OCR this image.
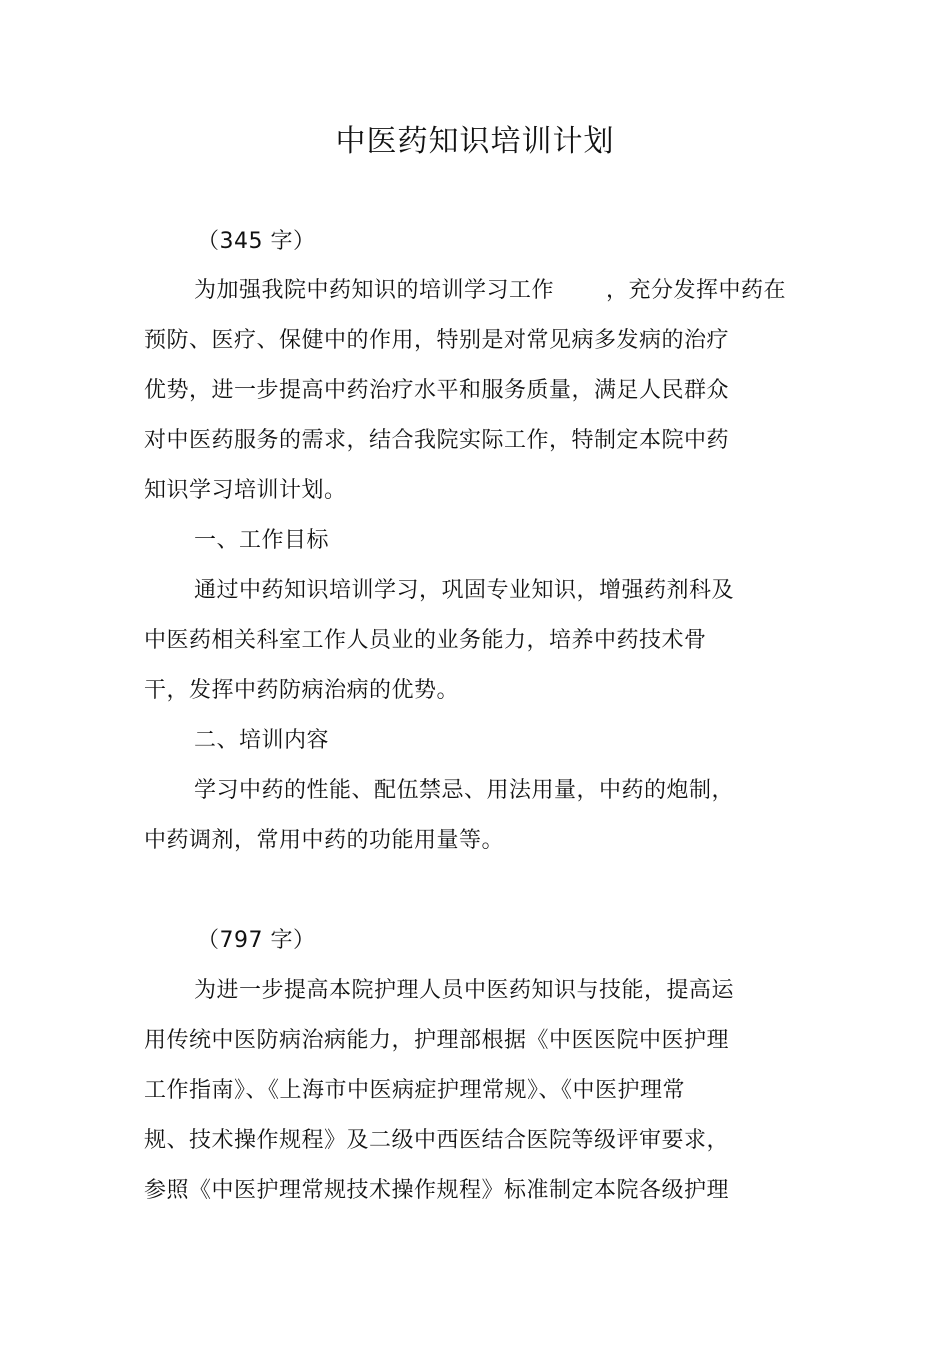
中医药知识培训计划
（345 字）
为加强我院中药知识的培训学习工作 ，充分发挥中药在
预防、医疗、保健中的作用，特别是对常见病多发病的治疗
优势，进一步提高中药治疗水平和服务质量，满足人民群众
对中医药服务的需求，结合我院实际工作，特制定本院中药
知识学习培训计划。
一、工作目标
通过中药知识培训学习，巩固专业知识，增强药剂科及
中医药相关科室工作人员业的业务能力，培养中药技术骨
干，发挥中药防病治病的优势。
二、培训内容
学习中药的性能、配伍禁忌、用法用量，中药的炮制，
中药调剂，常用中药的功能用量等。
（797 字）
为进一步提高本院护理人员中医药知识与技能，提高运
用传统中医防病治病能力，护理部根据《中医医院中医护理
工作指南》、《上海市中医病症护理常规》、《中医护理常
规、技术操作规程》及二级中西医结合医院等级评审要求，
参照《中医护理常规技术操作规程》标准制定本院各级护理
